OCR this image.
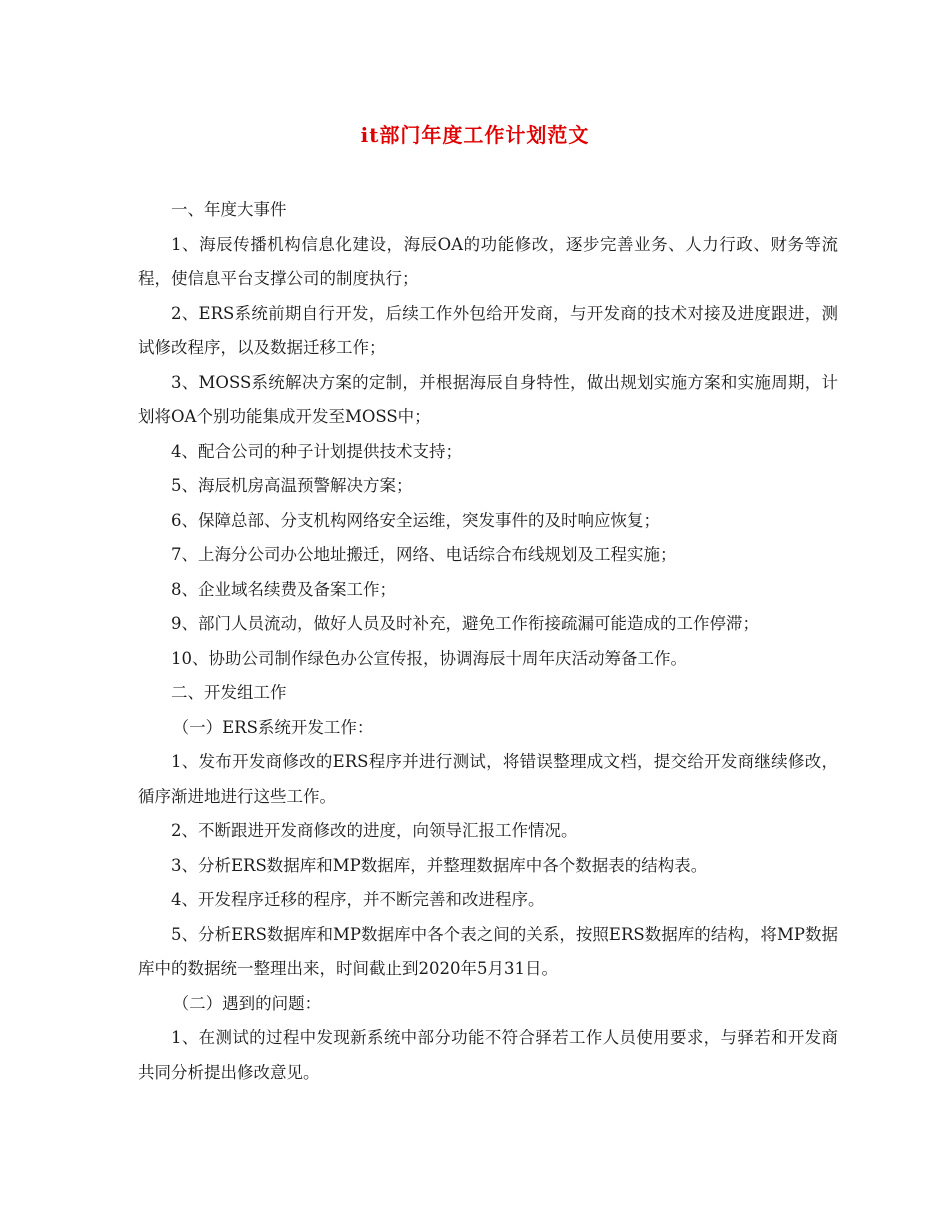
it部门年度工作计划范文

一、年度大事件

1、海辰传播机构信息化建设，海辰OA的功能修改，逐步完善业务、人力行政、财务等流程，使信息平台支撑公司的制度执行；

2、ERS系统前期自行开发，后续工作外包给开发商，与开发商的技术对接及进度跟进，测试修改程序，以及数据迁移工作；

3、MOSS系统解决方案的定制，并根据海辰自身特性，做出规划实施方案和实施周期，计划将OA个别功能集成开发至MOSS中；

4、配合公司的种子计划提供技术支持；

5、海辰机房高温预警解决方案；

6、保障总部、分支机构网络安全运维，突发事件的及时响应恢复；

7、上海分公司办公地址搬迁，网络、电话综合布线规划及工程实施；

8、企业域名续费及备案工作；

9、部门人员流动，做好人员及时补充，避免工作衔接疏漏可能造成的工作停滞；

10、协助公司制作绿色办公宣传报，协调海辰十周年庆活动筹备工作。

二、开发组工作

（一）ERS系统开发工作：

1、发布开发商修改的ERS程序并进行测试，将错误整理成文档，提交给开发商继续修改，循序渐进地进行这些工作。

2、不断跟进开发商修改的进度，向领导汇报工作情况。

3、分析ERS数据库和MP数据库，并整理数据库中各个数据表的结构表。

4、开发程序迁移的程序，并不断完善和改进程序。

5、分析ERS数据库和MP数据库中各个表之间的关系，按照ERS数据库的结构，将MP数据库中的数据统一整理出来，时间截止到2020年5月31日。

（二）遇到的问题：

1、在测试的过程中发现新系统中部分功能不符合驿若工作人员使用要求，与驿若和开发商共同分析提出修改意见。
